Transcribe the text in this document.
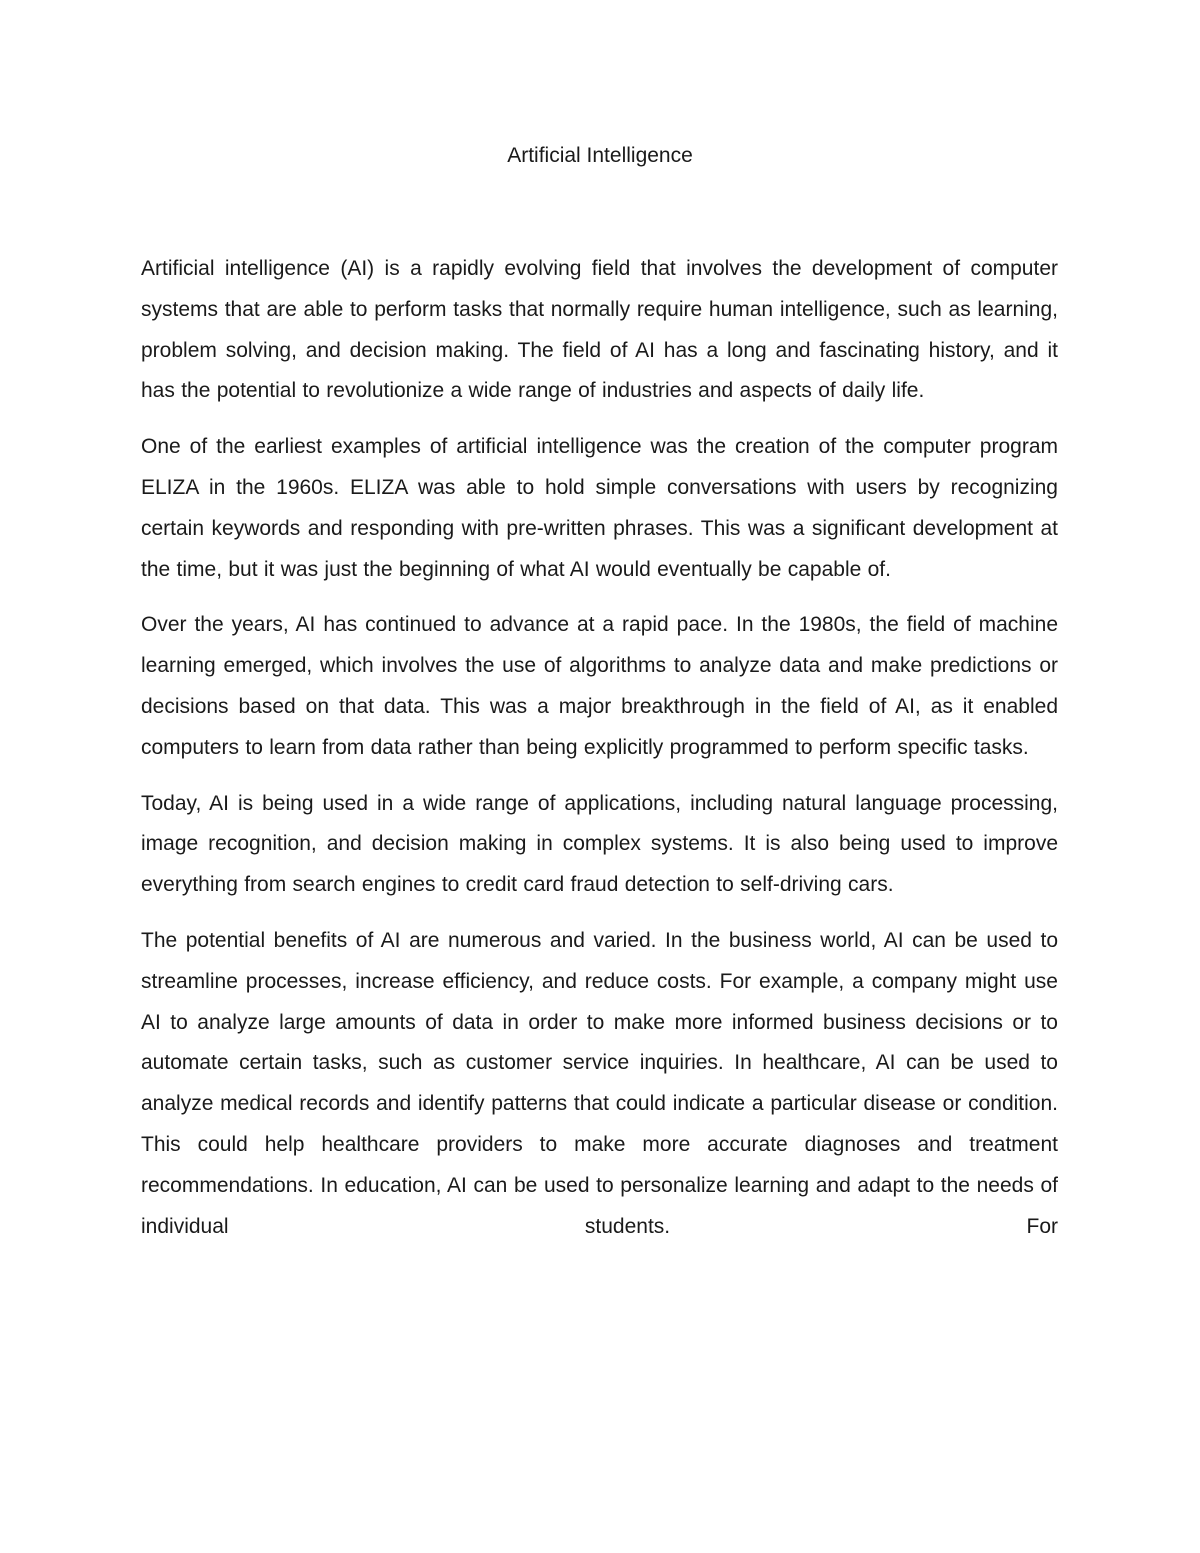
Artificial Intelligence

Artificial intelligence (AI) is a rapidly evolving field that involves the development of computer systems that are able to perform tasks that normally require human intelligence, such as learning, problem solving, and decision making. The field of AI has a long and fascinating history, and it has the potential to revolutionize a wide range of industries and aspects of daily life.

One of the earliest examples of artificial intelligence was the creation of the computer program ELIZA in the 1960s. ELIZA was able to hold simple conversations with users by recognizing certain keywords and responding with pre-written phrases. This was a significant development at the time, but it was just the beginning of what AI would eventually be capable of.

Over the years, AI has continued to advance at a rapid pace. In the 1980s, the field of machine learning emerged, which involves the use of algorithms to analyze data and make predictions or decisions based on that data. This was a major breakthrough in the field of AI, as it enabled computers to learn from data rather than being explicitly programmed to perform specific tasks.

Today, AI is being used in a wide range of applications, including natural language processing, image recognition, and decision making in complex systems. It is also being used to improve everything from search engines to credit card fraud detection to self-driving cars.

The potential benefits of AI are numerous and varied. In the business world, AI can be used to streamline processes, increase efficiency, and reduce costs. For example, a company might use AI to analyze large amounts of data in order to make more informed business decisions or to automate certain tasks, such as customer service inquiries. In healthcare, AI can be used to analyze medical records and identify patterns that could indicate a particular disease or condition. This could help healthcare providers to make more accurate diagnoses and treatment recommendations. In education, AI can be used to personalize learning and adapt to the needs of individual students. For
